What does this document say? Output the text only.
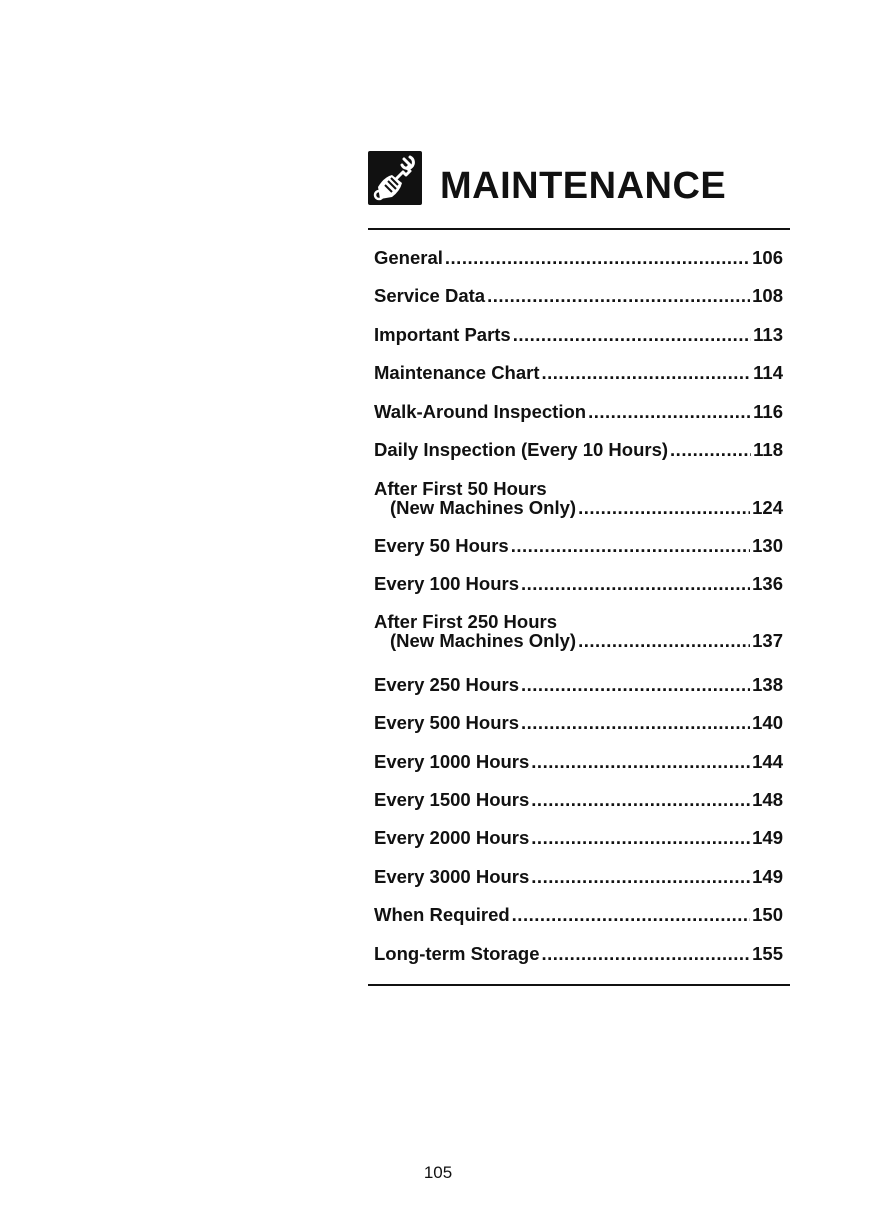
MAINTENANCE
General .....	106
Service Data .....	108
Important Parts .....	113
Maintenance Chart .....	114
Walk-Around Inspection .....	116
Daily Inspection (Every 10 Hours) .....	118
After First 50 Hours
(New Machines Only) .....	124
Every 50 Hours .....	130
Every 100 Hours .....	136
After First 250 Hours
(New Machines Only) .....	137
Every 250 Hours .....	138
Every 500 Hours .....	140
Every 1000 Hours .....	144
Every 1500 Hours .....	148
Every 2000 Hours .....	149
Every 3000 Hours .....	149
When Required .....	150
Long-term Storage .....	155
105
